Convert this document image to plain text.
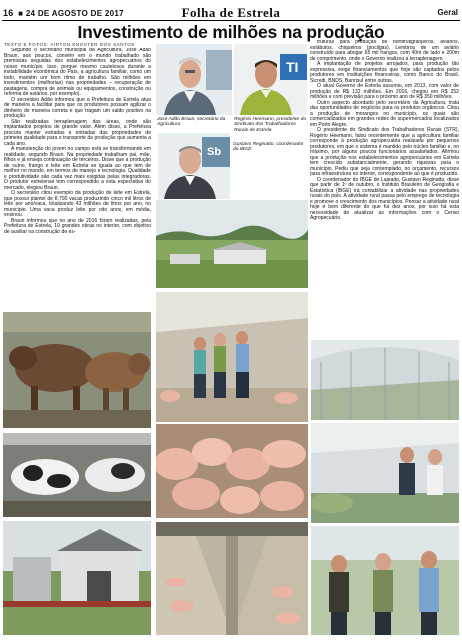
16 ■ 24 DE AGOSTO DE 2017	Folha de Estrela	Geral
Investimento de milhões na produção
TEXTO E FOTOS: AIRTON ENGSTER DOS SANTOS

Segundo o secretário municipal da Agricultura, José Adão Braun, aos poucos, convém em o mundo trabalhado são premissas seguidas dos estabelecimentos agropecuários do nosso município. Isso, porque mesmo cautelosos durante a instabilidade econômica do País, a agricultura familiar, como um todo, mantém um bom ritmo de trabalho. São milhões em investimentos (melhorias) nas propriedades – recuperação de pastagens, compra de animais ou equipamentos, construção ou reforma de aviários, por exemplo).

O secretário Adão informou que a Prefeitura de Estrela atua de maneira a facilitar para que os produtores possam agilizar o dinheiro de maneira correta e que tragam um saldo positivo na produção.

São realizadas terraplenagem das áreas, onde são implantados projetos de grande valor. Além disso, a Prefeitura procura manter estradas e entradas das propriedades de primeira qualidade para o transporte da produção que aumenta a cada ano.

A manutenção do jovem no campo está se transformando em realidade, segundo Braun. Na propriedade trabalham pai, mãe, filhos e já enseja continuação de terceiros. Disse que a produção de suíno, frango e leite em Estrela se iguala ao que tem de melhor no mundo, em termos de manejo e tecnologia. Qualidade e produtividade são cada vez mais exigidas pelas integradoras. O produtor estrelense tem correspondido a esta expectativa do mercado, elegiou Braun.

O secretário citou exemplo da produção de leite em Estrela, que possui plantel de 8.700 vacas produzindo cinco mil litros de leite por ano/vaca, totalizando 43 milhões de litros por ano, no município. Uma vaca produz leite por oito anos, em média, ensinou.

Braun informou que no ano de 2016 foram realizadas, pela Prefeitura de Estrela, 19 grandes obras no interior, com objetivo de auxiliar na construção de es-

truturas para produção de hortifrutigranjeiros, aviários, estábulos, chiqueiros (pocilgas). Lembrou de um aviário construído para abrigar 65 mil frangos, com 40m de lado e 200m de comprimento, onde o Governo realizou a terraplenagem.

A implantação de projetos arrojados, para produção tão expressiva, exige financiamentos que hoje são captados pelos produtores em instituições financeiras, como Banco do Brasil, Sicredi, BNDS, Banrisul entre outras.

O atual Governo de Estrela assumiu, em 2013, com valor de produção de R$ 132 milhões. Em 2016, chegou em R$ 252 milhões e com previsão para o próximo ano de R$ 350 milhões.

Outro aspecto abordado pelo secretário da Agricultura, trata das oportunidades de negócios para os produtos orgânicos. Citou a produção de morangos no município, os quais são comercializados em grandes redes de supermercados localizados em Porto Alegre.

O presidente do Sindicato dos Trabalhadores Rurais (STR), Rogério Heemann, falou recentemente que a agricultura familiar corresponde à produção agropecuária realizada por pequenos produtores, em que o sistema é mantido pelo núcleo familiar e, no máximo, por alguns poucos funcionários assalariados. Afirmou que a produção nos estabelecimentos agropecuários em Estrela tem crescido substancialmente, gerando riquezas para o município. Pediu que seja contemplado, no orçamento, recursos para infraestrutura no interior, correspondente ao que é produzido.

O coordenador do IBGE de Lajeado, Gustavo Reginatto, disse que partir de 1º de outubro, o Instituto Brasileiro de Geografia e Estatística (IBGE) irá contabilizar a atividade nas propriedades rurais do país. A atividade rural passa pelo emprego de tecnologia e promove o crescimento dos municípios. Pensar a atividade rural hoje é bem diferente do que há dez anos, por isso há esta necessidade de atualizar as informações com o Censo Agropecuário.

José Adão Braun, secretário da Agricultura
TI
Rogério Heemann, presidente do Sindicato dos Trabalhadores Rurais de Estrela
Sb
Gustavo Reginatto, coordenador do IBGE
